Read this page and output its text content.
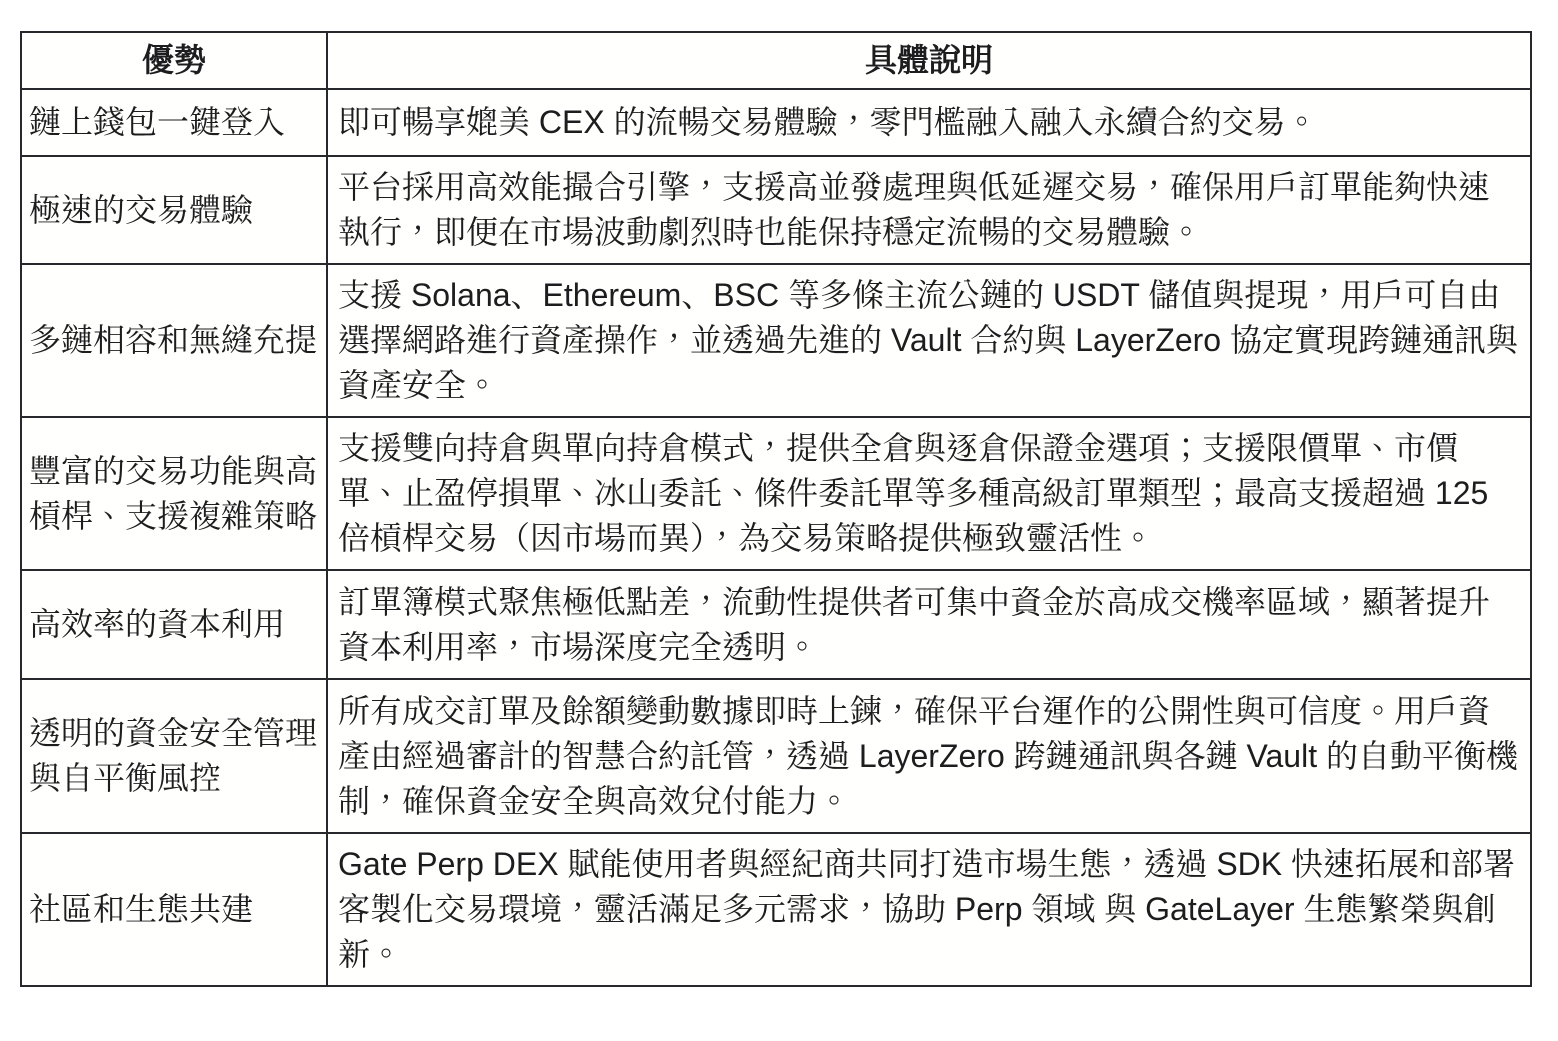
優勢	具體說明
鏈上錢包一鍵登入	即可暢享媲美 CEX 的流暢交易體驗，零門檻融入融入永續合約交易。
極速的交易體驗	平台採用高效能撮合引擎，支援高並發處理與低延遲交易，確保用戶訂單能夠快速執行，即便在市場波動劇烈時也能保持穩定流暢的交易體驗。
多鏈相容和無縫充提	支援 Solana、Ethereum、BSC 等多條主流公鏈的 USDT 儲值與提現，用戶可自由選擇網路進行資產操作，並透過先進的 Vault 合約與 LayerZero 協定實現跨鏈通訊與資產安全。
豐富的交易功能與高槓桿、支援複雜策略	支援雙向持倉與單向持倉模式，提供全倉與逐倉保證金選項；支援限價單、市價單、止盈停損單、冰山委託、條件委託單等多種高級訂單類型；最高支援超過 125 倍槓桿交易（因市場而異），為交易策略提供極致靈活性。
高效率的資本利用	訂單簿模式聚焦極低點差，流動性提供者可集中資金於高成交機率區域，顯著提升資本利用率，市場深度完全透明。
透明的資金安全管理與自平衡風控	所有成交訂單及餘額變動數據即時上鍊，確保平台運作的公開性與可信度。用戶資產由經過審計的智慧合約託管，透過 LayerZero 跨鏈通訊與各鏈 Vault 的自動平衡機制，確保資金安全與高效兌付能力。
社區和生態共建	Gate Perp DEX 賦能使用者與經紀商共同打造市場生態，透過 SDK 快速拓展和部署客製化交易環境，靈活滿足多元需求，協助 Perp 領域 與 GateLayer 生態繁榮與創新。
